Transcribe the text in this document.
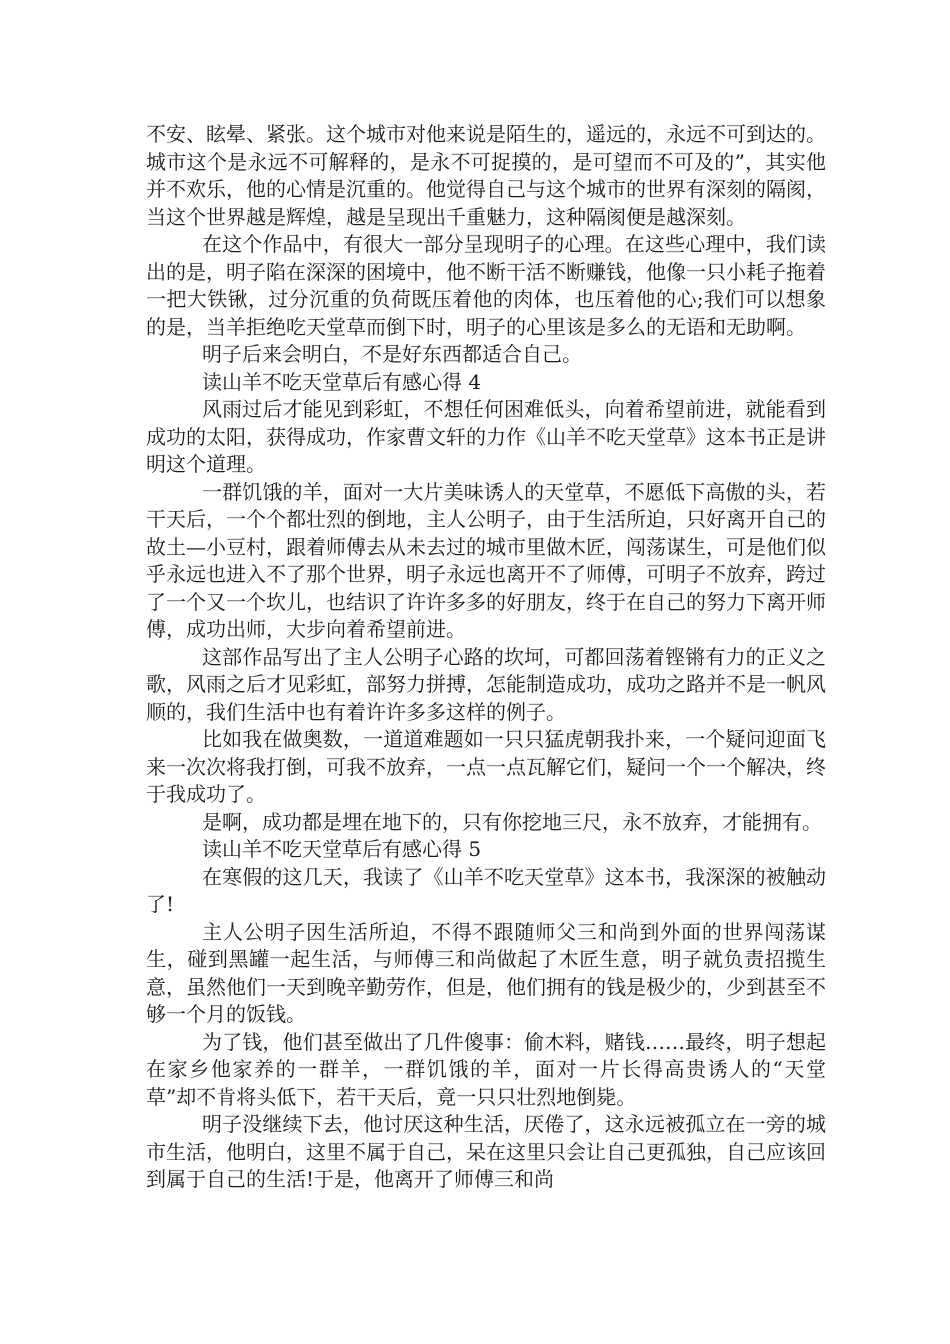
不安、眩晕、紧张。这个城市对他来说是陌生的，遥远的，永远不可到达的。城市这个是永远不可解释的，是永不可捉摸的，是可望而不可及的”，其实他并不欢乐，他的心情是沉重的。他觉得自己与这个城市的世界有深刻的隔阂，当这个世界越是辉煌，越是呈现出千重魅力，这种隔阂便是越深刻。

在这个作品中，有很大一部分呈现明子的心理。在这些心理中，我们读出的是，明子陷在深深的困境中，他不断干活不断赚钱，他像一只小耗子拖着一把大铁锹，过分沉重的负荷既压着他的肉体，也压着他的心;我们可以想象的是，当羊拒绝吃天堂草而倒下时，明子的心里该是多么的无语和无助啊。

明子后来会明白，不是好东西都适合自己。

读山羊不吃天堂草后有感心得 4

风雨过后才能见到彩虹，不想任何困难低头，向着希望前进，就能看到成功的太阳，获得成功，作家曹文轩的力作《山羊不吃天堂草》这本书正是讲明这个道理。

一群饥饿的羊，面对一大片美味诱人的天堂草，不愿低下高傲的头，若干天后，一个个都壮烈的倒地，主人公明子，由于生活所迫，只好离开自己的故土—小豆村，跟着师傅去从未去过的城市里做木匠，闯荡谋生，可是他们似乎永远也进入不了那个世界，明子永远也离开不了师傅，可明子不放弃，跨过了一个又一个坎儿，也结识了许许多多的好朋友，终于在自己的努力下离开师傅，成功出师，大步向着希望前进。

这部作品写出了主人公明子心路的坎坷，可都回荡着铿锵有力的正义之歌，风雨之后才见彩虹，部努力拼搏，怎能制造成功，成功之路并不是一帆风顺的，我们生活中也有着许许多多这样的例子。

比如我在做奥数，一道道难题如一只只猛虎朝我扑来，一个疑问迎面飞来一次次将我打倒，可我不放弃，一点一点瓦解它们，疑问一个一个解决，终于我成功了。

是啊，成功都是埋在地下的，只有你挖地三尺，永不放弃，才能拥有。

读山羊不吃天堂草后有感心得 5

在寒假的这几天，我读了《山羊不吃天堂草》这本书，我深深的被触动了!

主人公明子因生活所迫，不得不跟随师父三和尚到外面的世界闯荡谋生，碰到黑罐一起生活，与师傅三和尚做起了木匠生意，明子就负责招揽生意，虽然他们一天到晚辛勤劳作，但是，他们拥有的钱是极少的，少到甚至不够一个月的饭钱。

为了钱，他们甚至做出了几件傻事：偷木料，赌钱……最终，明子想起在家乡他家养的一群羊，一群饥饿的羊，面对一片长得高贵诱人的“天堂草”却不肯将头低下，若干天后，竟一只只壮烈地倒毙。

明子没继续下去，他讨厌这种生活，厌倦了，这永远被孤立在一旁的城市生活，他明白，这里不属于自己，呆在这里只会让自己更孤独，自己应该回到属于自己的生活!于是，他离开了师傅三和尚
